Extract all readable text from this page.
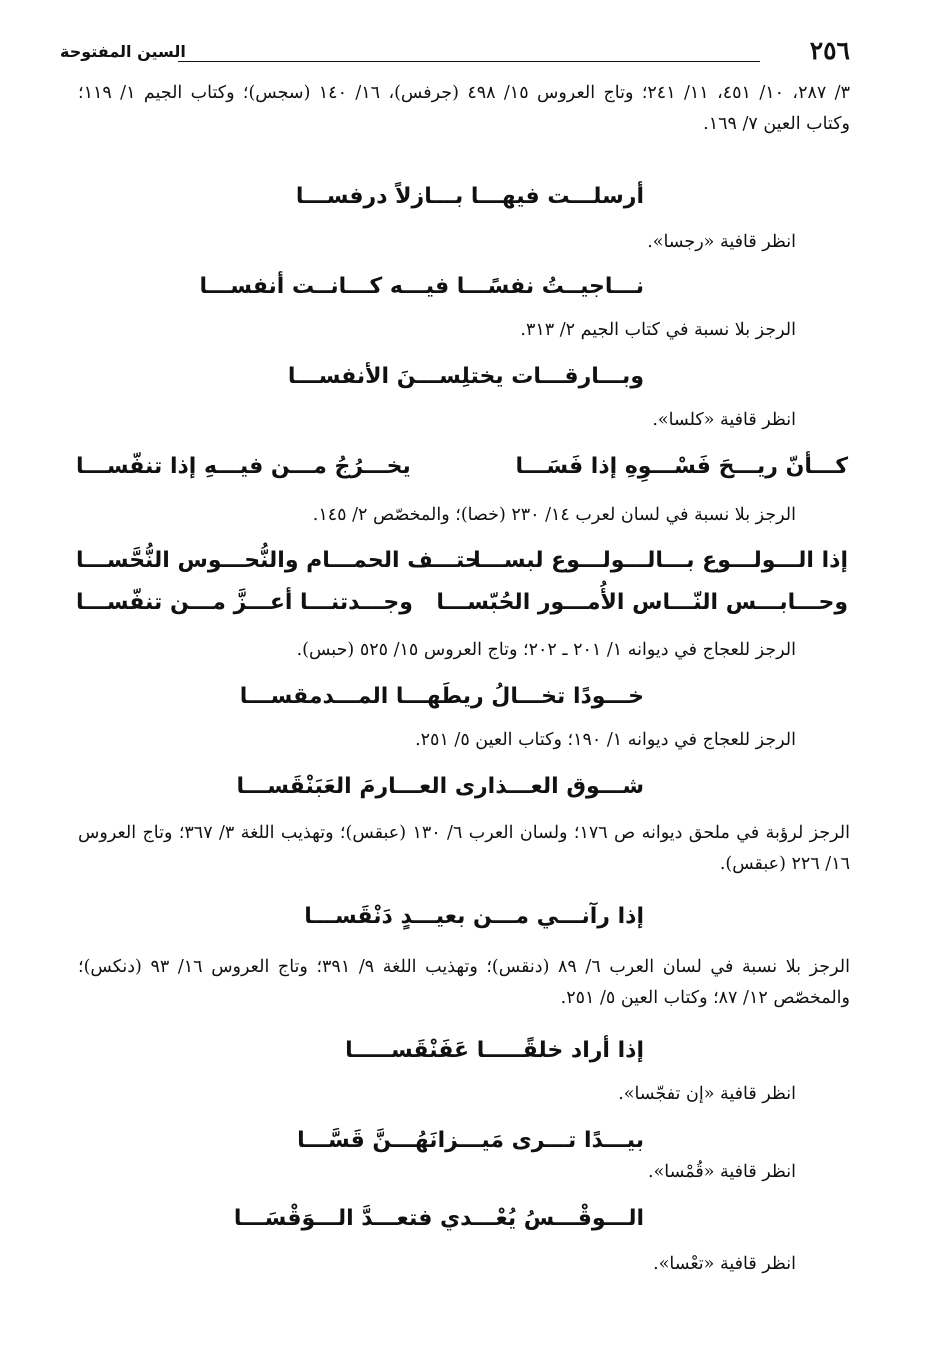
٢٥٦
السين المفتوحة

٣/ ٢٨٧، ١٠/ ٤٥١، ١١/ ٢٤١؛ وتاج العروس ١٥/ ٤٩٨ (جرفس)، ١٦/ ١٤٠ (سجس)؛ وكتاب الجيم ١/ ١١٩؛ وكتاب العين ٧/ ١٦٩.

أرسلـــت فيهـــا بـــازلاً درفســـا
انظر قافية «رجسا».
نـــاجيــتُ نفسًـــا فيـــه كـــانــت أنفســـا
الرجز بلا نسبة في كتاب الجيم ٢/ ٣١٣.
وبـــارقـــات يختلِســـنَ الأنفســـا
انظر قافية «كلسا».
كـــأنّ ريـــحَ فَسْـــوِهِ إذا فَسَـــا
يخـــرُجُ مـــن فيـــهِ إذا تنفّســـا
الرجز بلا نسبة في لسان لعرب ١٤/ ٢٣٠ (خصا)؛ والمخصّص ٢/ ١٤٥.
إذا الـــولـــوع بـــالـــولـــوع لبســـا
حتـــف الحمـــام والنُّحـــوس النُّحَّســـا
وحـــابـــس النّـــاس الأُمـــور الحُبّســـا
وجـــدتنـــا أعـــزَّ مـــن تنفّســـا
الرجز للعجاج في ديوانه ١/ ٢٠١ ـ ٢٠٢؛ وتاج العروس ١٥/ ٥٢٥ (حبس).
خـــودًا تخـــالُ ريطَهـــا المـــدمقســـا
الرجز للعجاج في ديوانه ١/ ١٩٠؛ وكتاب العين ٥/ ٢٥١.
شـــوق العـــذارى العـــارمَ العَبَنْقَســـا

الرجز لرؤبة في ملحق ديوانه ص ١٧٦؛ ولسان العرب ٦/ ١٣٠ (عبقس)؛ وتهذيب اللغة ٣/ ٣٦٧؛ وتاج العروس ١٦/ ٢٢٦ (عبقس).

إذا رآنـــي مـــن بعيـــدٍ دَنْقَســـا

الرجز بلا نسبة في لسان العرب ٦/ ٨٩ (دنقس)؛ وتهذيب اللغة ٩/ ٣٩١؛ وتاج العروس ١٦/ ٩٣ (دنكس)؛ والمخصّص ١٢/ ٨٧؛ وكتاب العين ٥/ ٢٥١.

إذا أراد خلقًـــــا عَفَنْقَســـــا
انظر قافية «إن تفجّسا».
بيـــدًا تـــرى مَيـــزانَهُـــنَّ قَسَّـــا
انظر قافية «قُمْسا».
الـــوقْـــسُ يُعْـــدي فتعـــدَّ الـــوَقْسَـــا
انظر قافية «تعْسا».
